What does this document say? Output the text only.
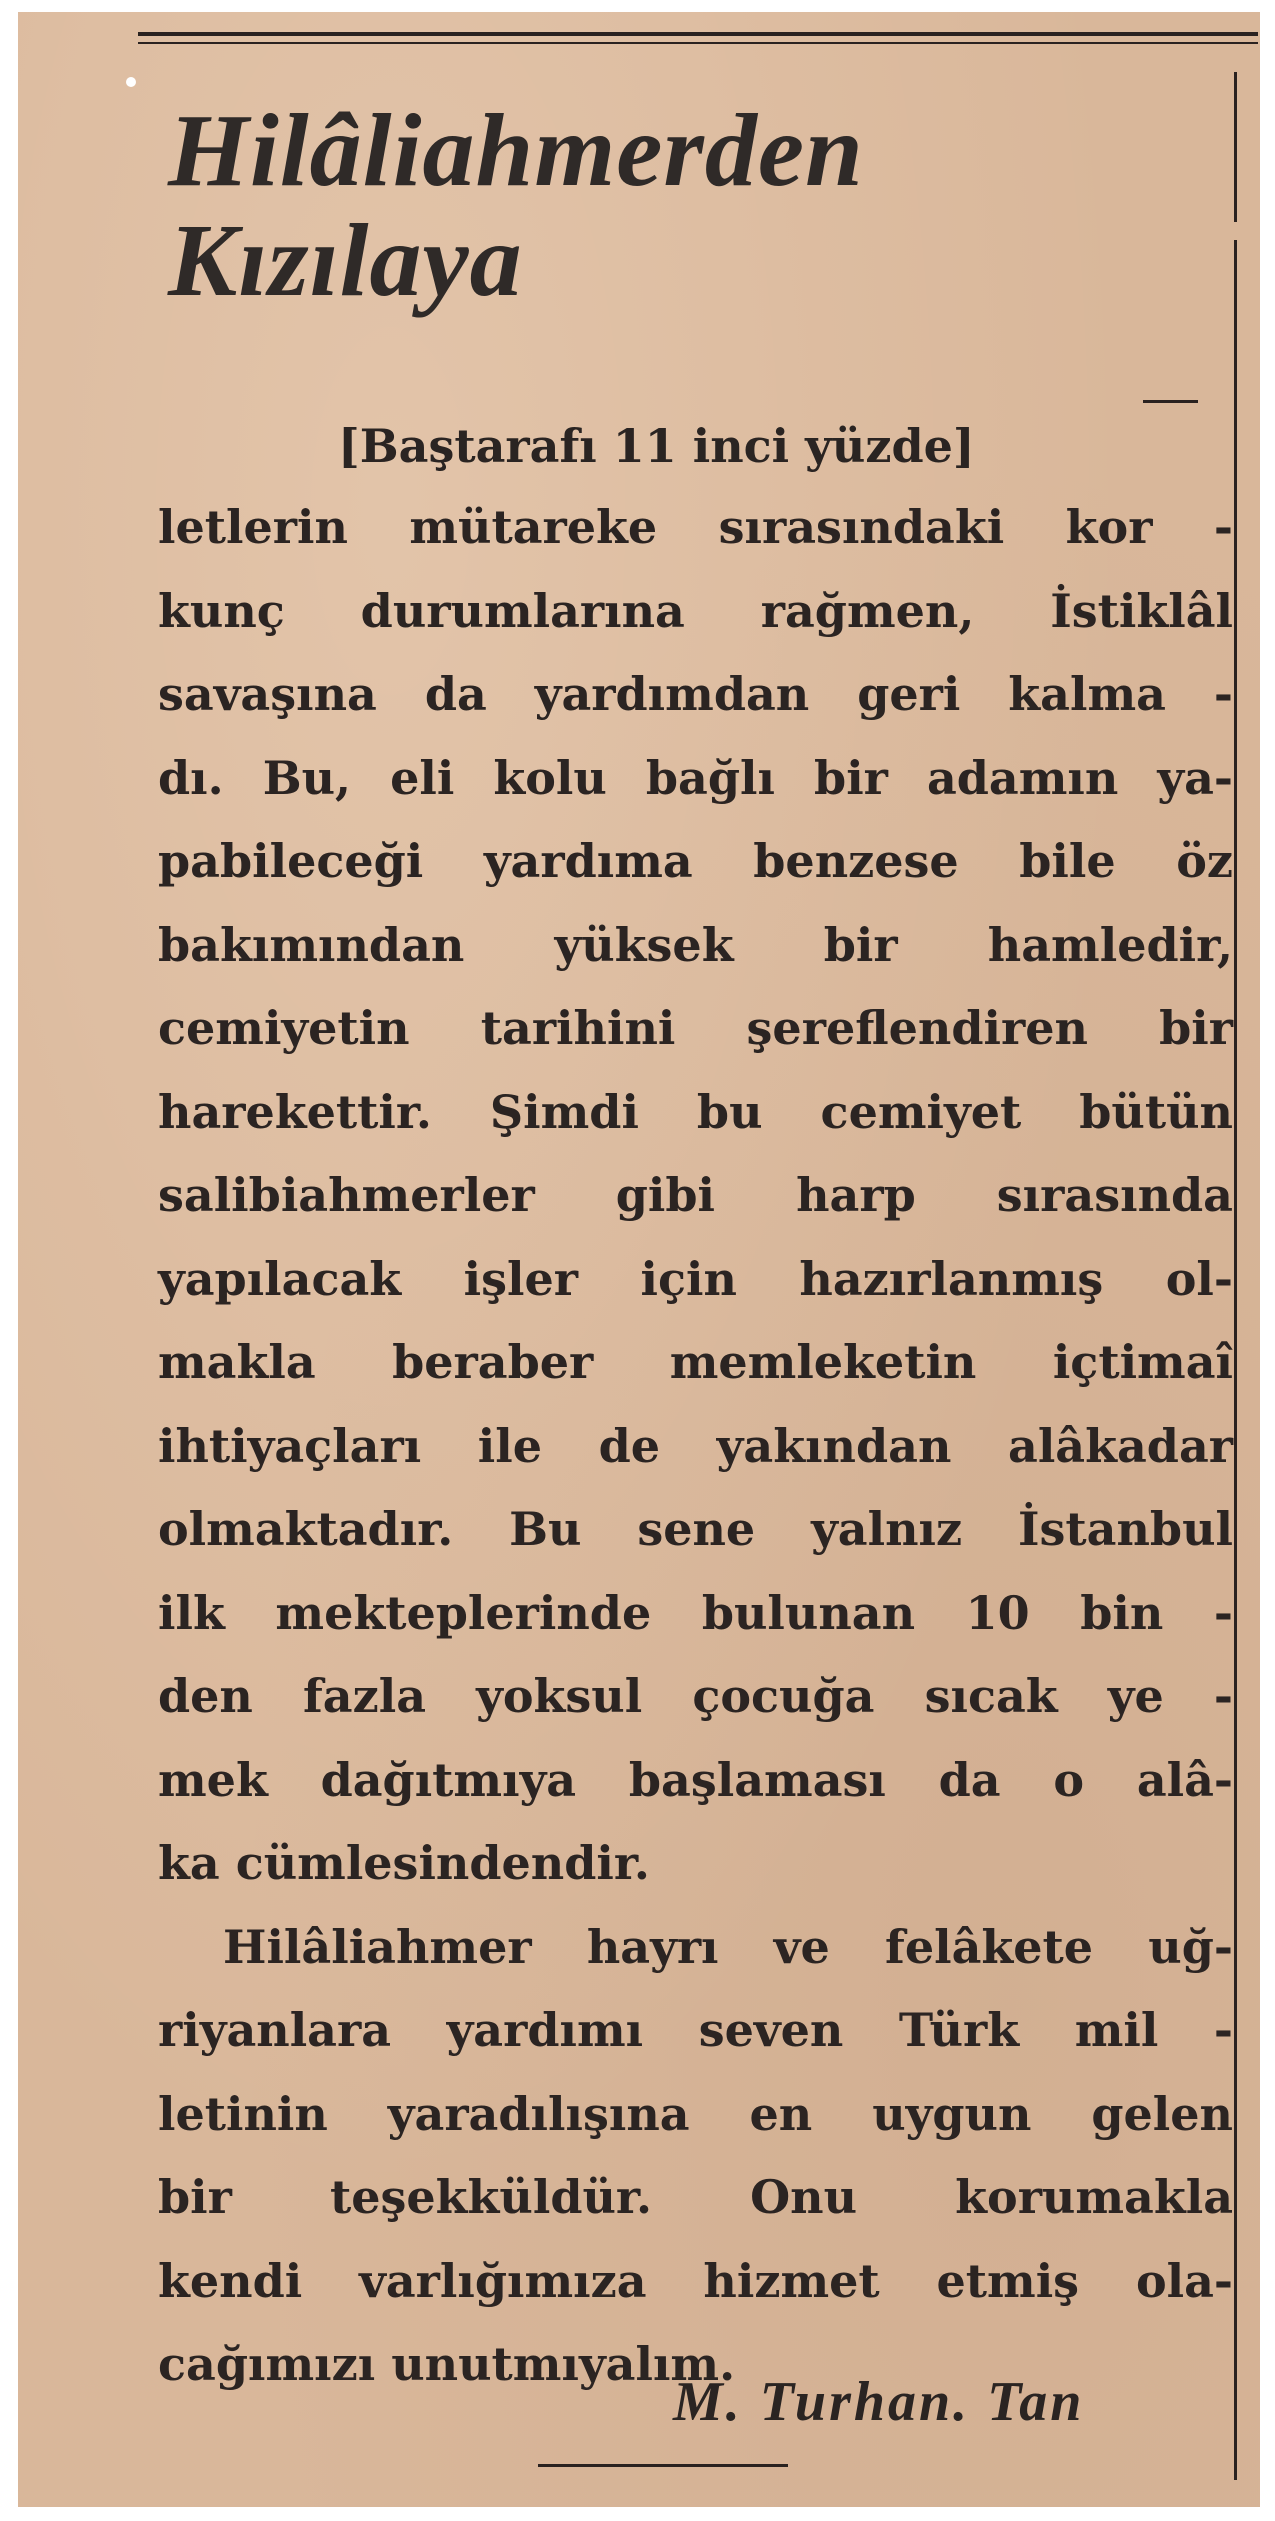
Hilâliahmerden
Kızılaya
[Baştarafı 11 inci yüzde]
letlerin mütareke sırasındaki kor -
kunç durumlarına rağmen, İstiklâl
savaşına da yardımdan geri kalma -
dı. Bu, eli kolu bağlı bir adamın ya-
pabileceği yardıma benzese bile öz
bakımından yüksek bir hamledir,
cemiyetin tarihini şereflendiren bir
harekettir. Şimdi bu cemiyet bütün
salibiahmerler gibi harp sırasında
yapılacak işler için hazırlanmış ol-
makla beraber memleketin içtimaî
ihtiyaçları ile de yakından alâkadar
olmaktadır. Bu sene yalnız İstanbul
ilk mekteplerinde bulunan 10 bin -
den fazla yoksul çocuğa sıcak ye -
mek dağıtmıya başlaması da o alâ-
ka cümlesindendir.
Hilâliahmer hayrı ve felâkete uğ-
riyanlara yardımı seven Türk mil -
letinin yaradılışına en uygun gelen
bir teşekküldür. Onu korumakla
kendi varlığımıza hizmet etmiş ola-
cağımızı unutmıyalım.
M. Turhan. Tan
